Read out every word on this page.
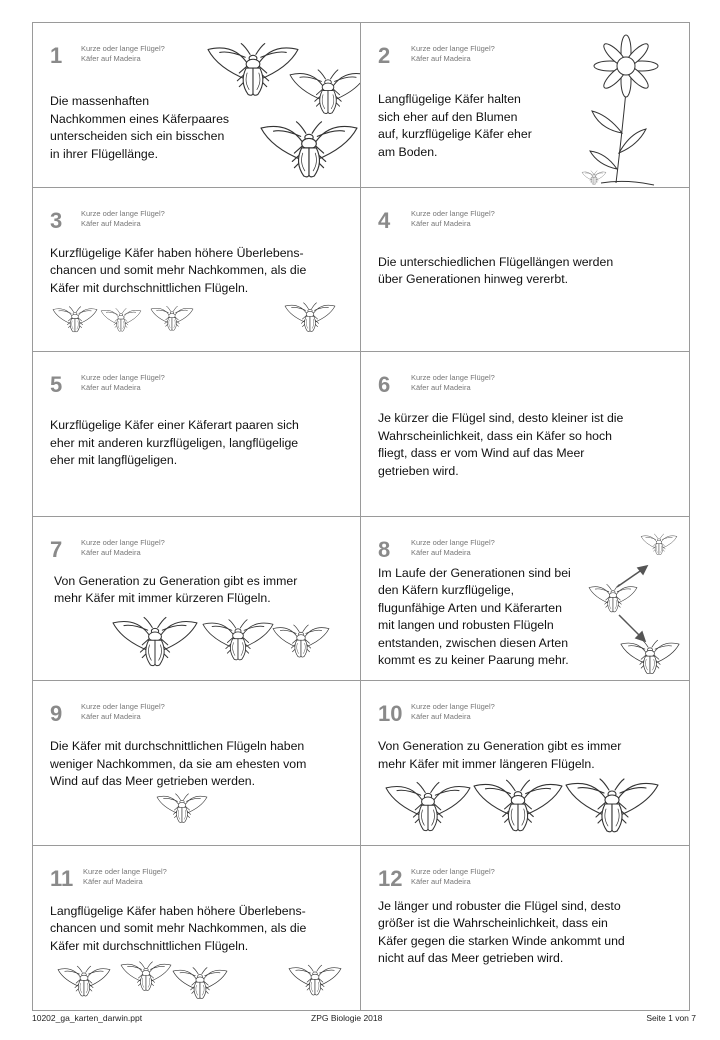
1	Kurze oder lange Flügel?
Käfer auf Madeira
Die massenhaften
Nachkommen eines Käferpaares
unterscheiden sich ein bisschen
in ihrer Flügellänge.
2	Kurze oder lange Flügel?
Käfer auf Madeira
Langflügelige Käfer halten
sich eher auf den Blumen
auf, kurzflügelige Käfer eher
am Boden.
3	Kurze oder lange Flügel?
Käfer auf Madeira
Kurzflügelige Käfer haben höhere Überlebens-
chancen und somit mehr Nachkommen, als die
Käfer mit durchschnittlichen Flügeln.
4	Kurze oder lange Flügel?
Käfer auf Madeira
Die unterschiedlichen Flügellängen werden
über Generationen hinweg vererbt.
5	Kurze oder lange Flügel?
Käfer auf Madeira
Kurzflügelige Käfer einer Käferart paaren sich
eher mit anderen kurzflügeligen, langflügelige
eher mit langflügeligen.
6	Kurze oder lange Flügel?
Käfer auf Madeira
Je kürzer die Flügel sind, desto kleiner ist die
Wahrscheinlichkeit, dass ein Käfer so hoch
fliegt, dass er vom Wind auf das Meer
getrieben wird.
7	Kurze oder lange Flügel?
Käfer auf Madeira
Von Generation zu Generation gibt es immer
mehr Käfer mit immer kürzeren Flügeln.
8	Kurze oder lange Flügel?
Käfer auf Madeira
Im Laufe der Generationen sind bei
den Käfern kurzflügelige,
flugunfähige Arten und Käferarten
mit langen und robusten Flügeln
entstanden, zwischen diesen Arten
kommt es zu keiner Paarung mehr.
9	Kurze oder lange Flügel?
Käfer auf Madeira
Die Käfer mit durchschnittlichen Flügeln haben
weniger Nachkommen, da sie am ehesten vom
Wind auf das Meer getrieben werden.
10 Kurze oder lange Flügel?
Käfer auf Madeira
Von Generation zu Generation gibt es immer
mehr Käfer mit immer längeren Flügeln.
11 Kurze oder lange Flügel?
Käfer auf Madeira
Langflügelige Käfer haben höhere Überlebens-
chancen und somit mehr Nachkommen, als die
Käfer mit durchschnittlichen Flügeln.
12 Kurze oder lange Flügel?
Käfer auf Madeira
Je länger und robuster die Flügel sind, desto
größer ist die Wahrscheinlichkeit, dass ein
Käfer gegen die starken Winde ankommt und
nicht auf das Meer getrieben wird.
10202_ga_karten_darwin.ppt	ZPG Biologie 2018	Seite 1 von 7
